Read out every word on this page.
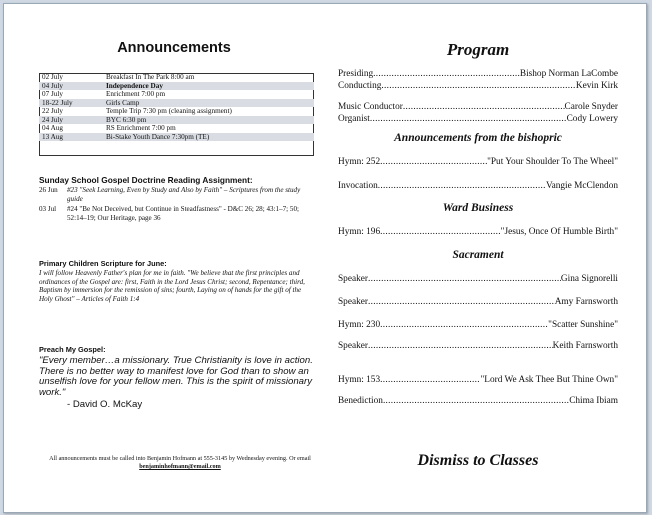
Announcements
02 July	Breakfast In The Park 8:00 am
04 July	Independence Day
07 July	Enrichment 7:00 pm
18-22 July	Girls Camp
22 July	Temple Trip 7:30 pm (cleaning assignment)
24 July	BYC 6:30 pm
04 Aug	RS Enrichment 7:00 pm
13 Aug	Bi-Stake Youth Dance 7:30pm (TE)
Sunday School Gospel Doctrine Reading Assignment:
26 Jun	#23 "Seek Learning, Even by Study and Also by Faith" – Scriptures from the study guide
03 Jul	#24 "Be Not Deceived, but Continue in Steadfastness" - D&C 26; 28; 43:1–7; 50; 52:14–19; Our Heritage, page 36
Primary Children Scripture for June:
I will follow Heavenly Father's plan for me in faith. "We believe that the first principles and ordinances of the Gospel are: first, Faith in the Lord Jesus Christ; second, Repentance; third, Baptism by immersion for the remission of sins; fourth, Laying on of hands for the gift of the Holy Ghost" – Articles of Faith 1:4
Preach My Gospel:
"Every member…a missionary. True Christianity is love in action. There is no better way to manifest love for God than to show an unselfish love for your fellow men. This is the spirit of missionary work."
- David O. McKay
All announcements must be called into Benjamin Hofmann at 555-3145 by Wednesday evening. Or email benjaminhofmann@email.com
Program
Presiding .....	Bishop Norman LaCombe
Conducting .....	Kevin Kirk
Music Conductor .....	Carole Snyder
Organist .....	Cody Lowery
Announcements from the bishopric
Hymn: 252 .....	"Put Your Shoulder To The Wheel"
Invocation .....	Vangie McClendon
Ward Business
Hymn: 196 .....	"Jesus, Once Of Humble Birth"
Sacrament
Speaker .....	Gina Signorelli
Speaker .....	Amy Farnsworth
Hymn: 230 .....	"Scatter Sunshine"
Speaker .....	Keith Farnsworth
Hymn: 153 .....	"Lord We Ask Thee But Thine Own"
Benediction .....	Chima Ibiam
Dismiss to Classes
